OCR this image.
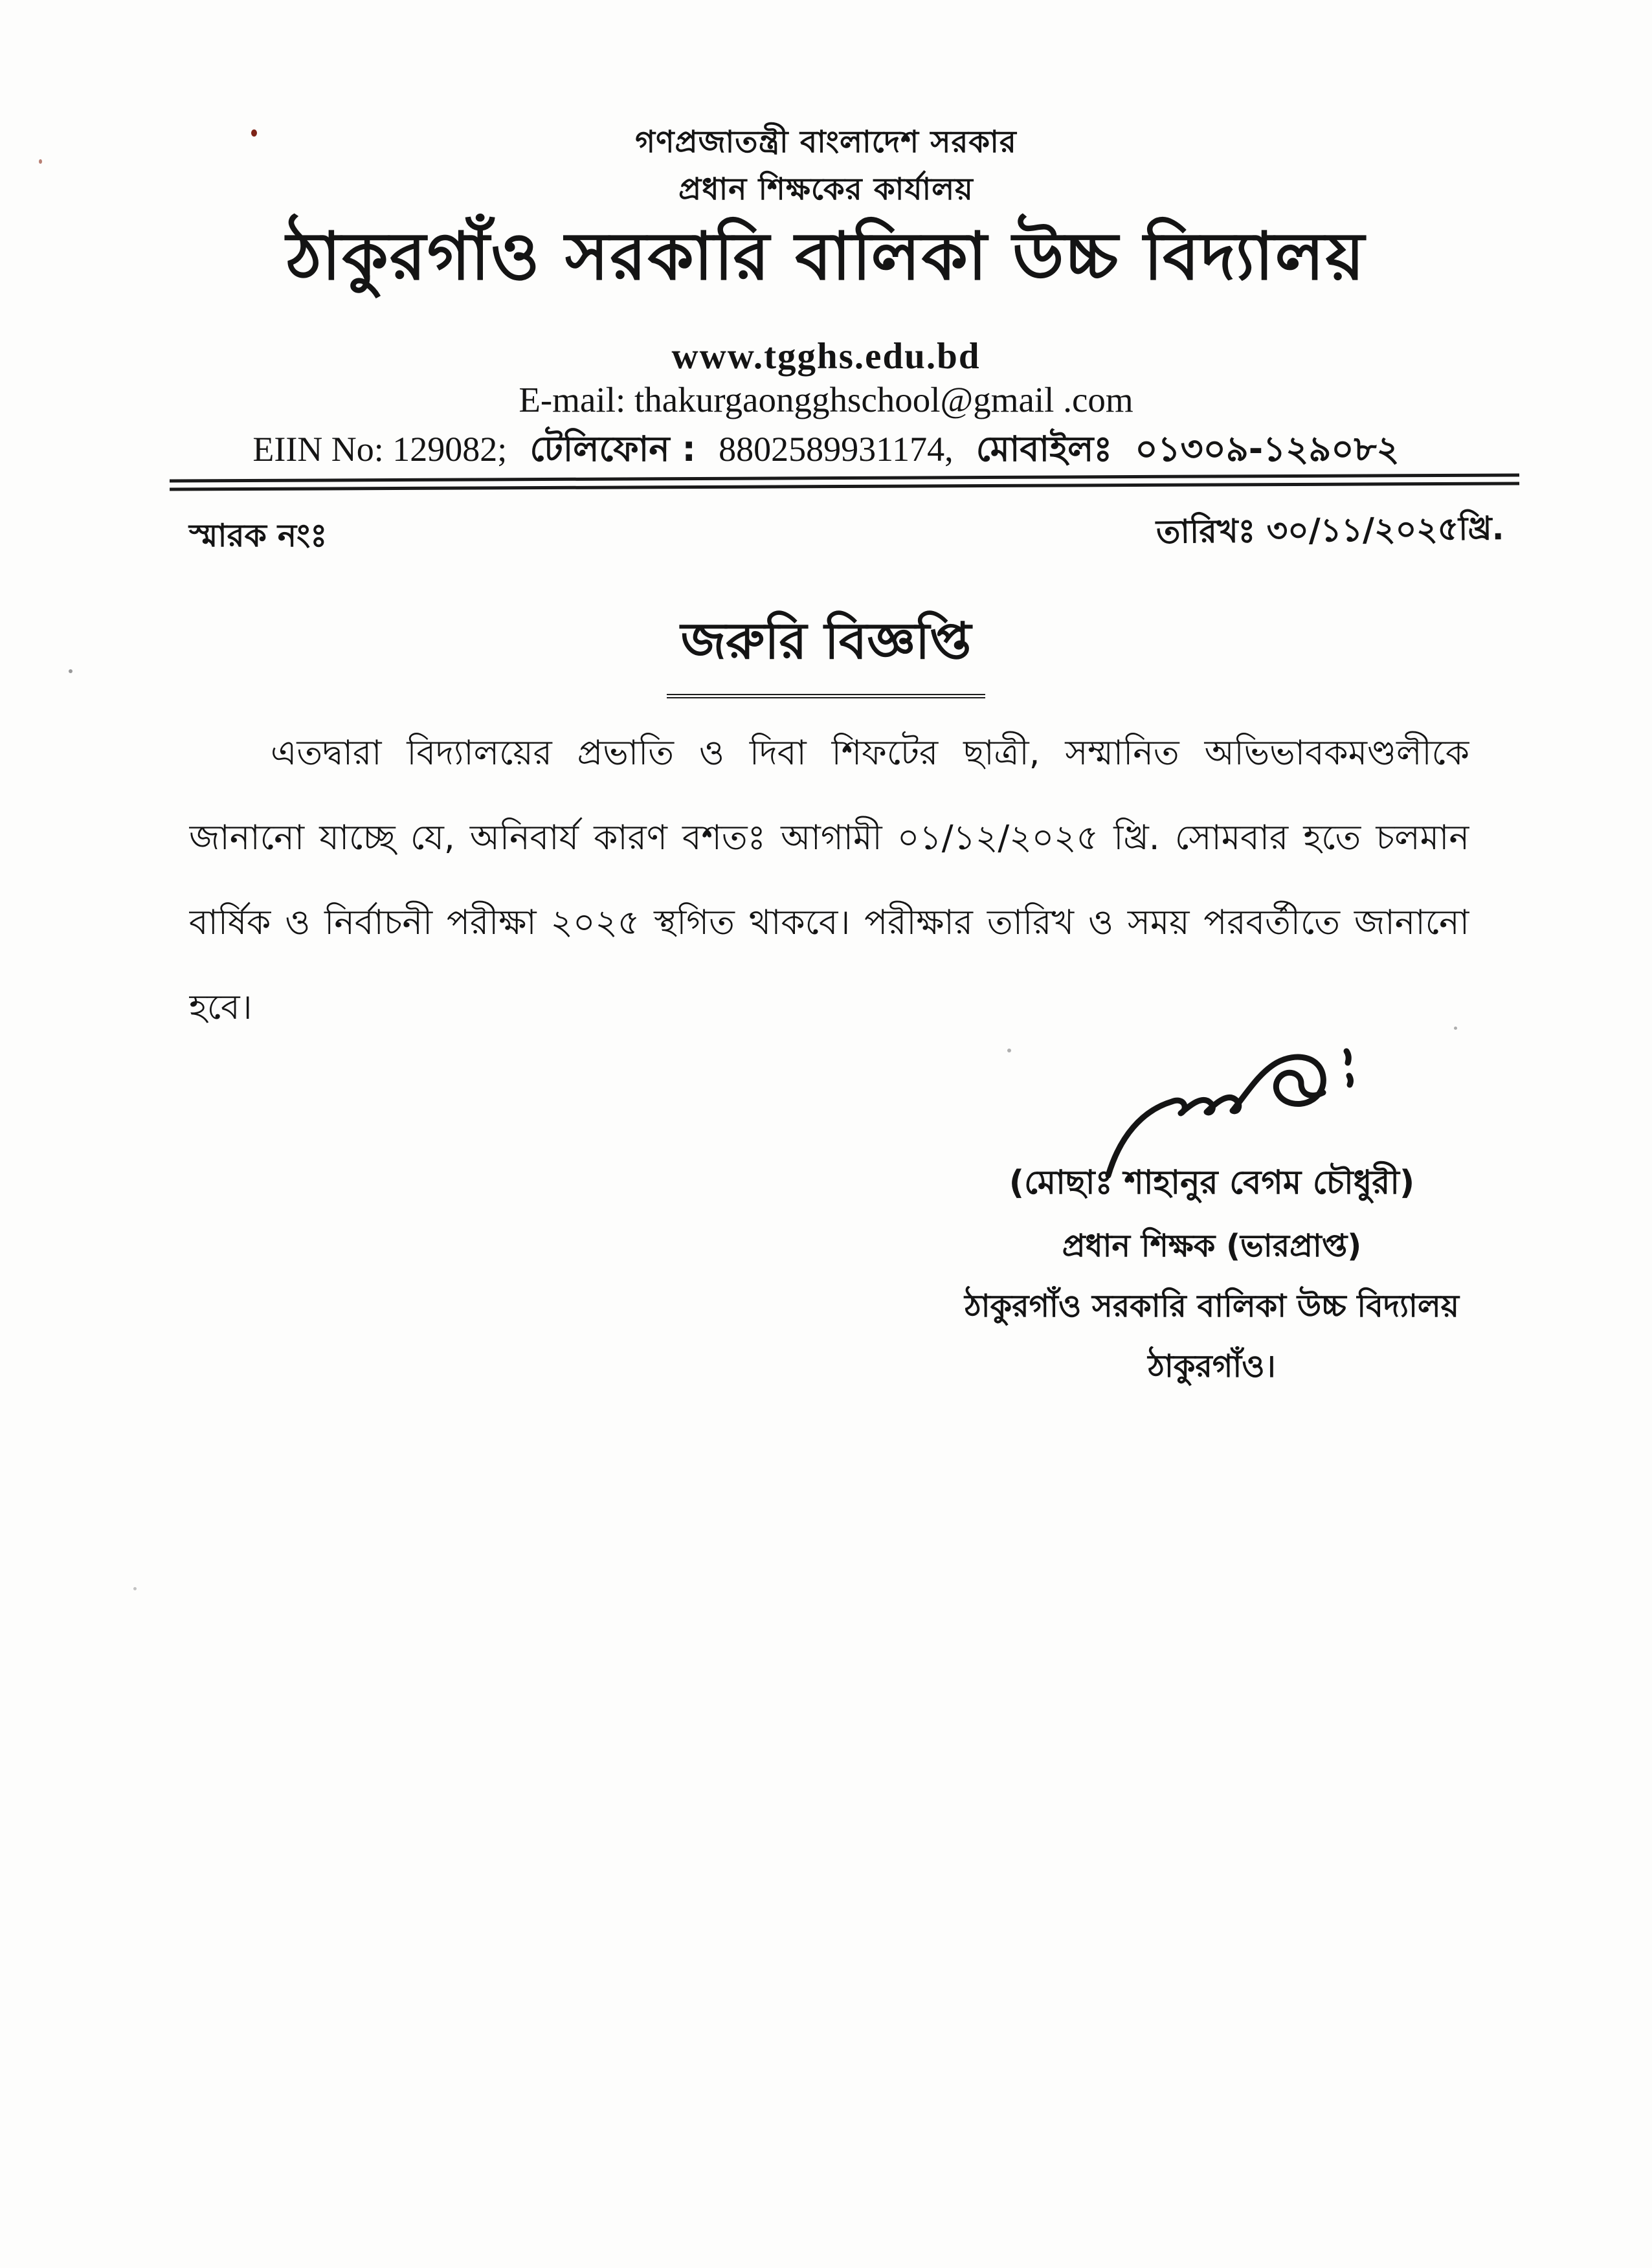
গণপ্রজাতন্ত্রী বাংলাদেশ সরকার
প্রধান শিক্ষকের কার্যালয়
ঠাকুরগাঁও সরকারি বালিকা উচ্চ বিদ্যালয়
www.tgghs.edu.bd
E-mail: thakurgaongghschool@gmail .com
EIIN No: 129082; টেলিফোন : 8802589931174, মোবাইলঃ ০১৩০৯-১২৯০৮২
স্মারক নংঃ	তারিখঃ ৩০/১১/২০২৫খ্রি.
জরুরি বিজ্ঞপ্তি
এতদ্বারা বিদ্যালয়ের প্রভাতি ও দিবা শিফটের ছাত্রী, সম্মানিত অভিভাবকমণ্ডলীকে
জানানো যাচ্ছে যে, অনিবার্য কারণ বশতঃ আগামী ০১/১২/২০২৫ খ্রি. সোমবার হতে চলমান
বার্ষিক ও নির্বাচনী পরীক্ষা ২০২৫ স্থগিত থাকবে। পরীক্ষার তারিখ ও সময় পরবর্তীতে জানানো
হবে।
(মোছাঃ শাহানুর বেগম চৌধুরী)
প্রধান শিক্ষক (ভারপ্রাপ্ত)
ঠাকুরগাঁও সরকারি বালিকা উচ্চ বিদ্যালয়
ঠাকুরগাঁও।
